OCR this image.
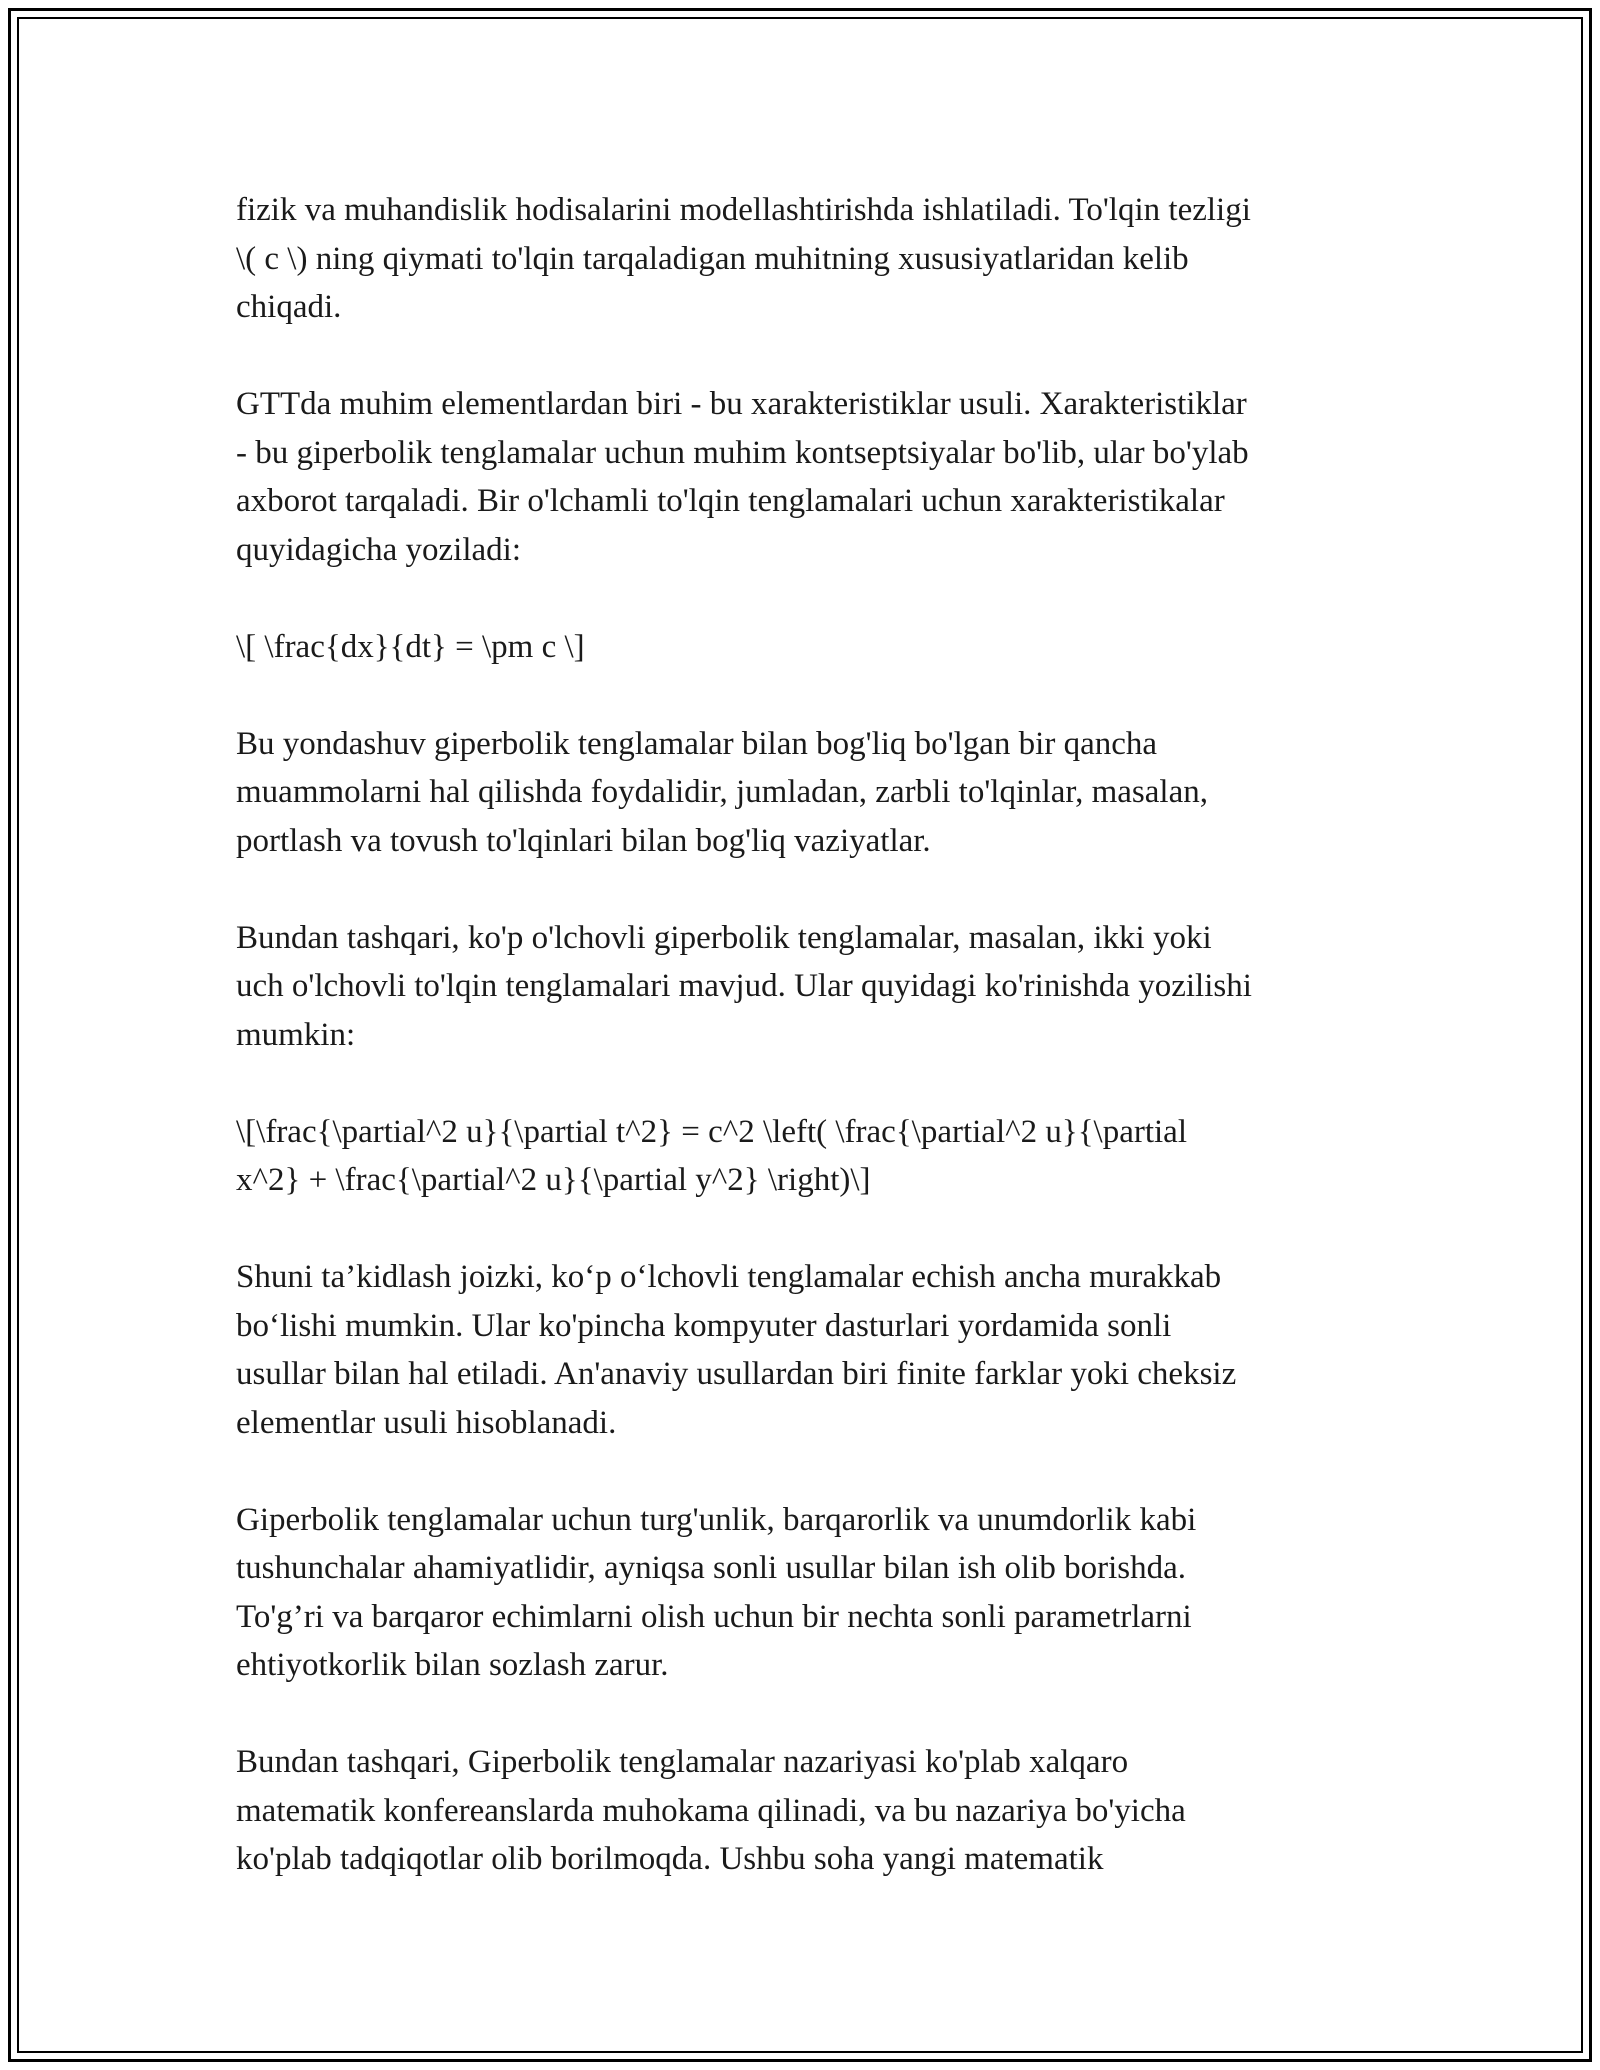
fizik va muhandislik hodisalarini modellashtirishda ishlatiladi. To'lqin tezligi
\( c \) ning qiymati to'lqin tarqaladigan muhitning xususiyatlaridan kelib
chiqadi.

GTTda muhim elementlardan biri - bu xarakteristiklar usuli. Xarakteristiklar
- bu giperbolik tenglamalar uchun muhim kontseptsiyalar bo'lib, ular bo'ylab
axborot tarqaladi. Bir o'lchamli to'lqin tenglamalari uchun xarakteristikalar
quyidagicha yoziladi:

\[ \frac{dx}{dt} = \pm c \]

Bu yondashuv giperbolik tenglamalar bilan bog'liq bo'lgan bir qancha
muammolarni hal qilishda foydalidir, jumladan, zarbli to'lqinlar, masalan,
portlash va tovush to'lqinlari bilan bog'liq vaziyatlar.

Bundan tashqari, ko'p o'lchovli giperbolik tenglamalar, masalan, ikki yoki
uch o'lchovli to'lqin tenglamalari mavjud. Ular quyidagi ko'rinishda yozilishi
mumkin:

\[\frac{\partial^2 u}{\partial t^2} = c^2 \left( \frac{\partial^2 u}{\partial
x^2} + \frac{\partial^2 u}{\partial y^2} \right)\]

Shuni ta’kidlash joizki, ko‘p o‘lchovli tenglamalar echish ancha murakkab
bo‘lishi mumkin. Ular ko'pincha kompyuter dasturlari yordamida sonli
usullar bilan hal etiladi. An'anaviy usullardan biri finite farklar yoki cheksiz
elementlar usuli hisoblanadi.

Giperbolik tenglamalar uchun turg'unlik, barqarorlik va unumdorlik kabi
tushunchalar ahamiyatlidir, ayniqsa sonli usullar bilan ish olib borishda.
To'g’ri va barqaror echimlarni olish uchun bir nechta sonli parametrlarni
ehtiyotkorlik bilan sozlash zarur.

Bundan tashqari, Giperbolik tenglamalar nazariyasi ko'plab xalqaro
matematik konfereanslarda muhokama qilinadi, va bu nazariya bo'yicha
ko'plab tadqiqotlar olib borilmoqda. Ushbu soha yangi matematik
